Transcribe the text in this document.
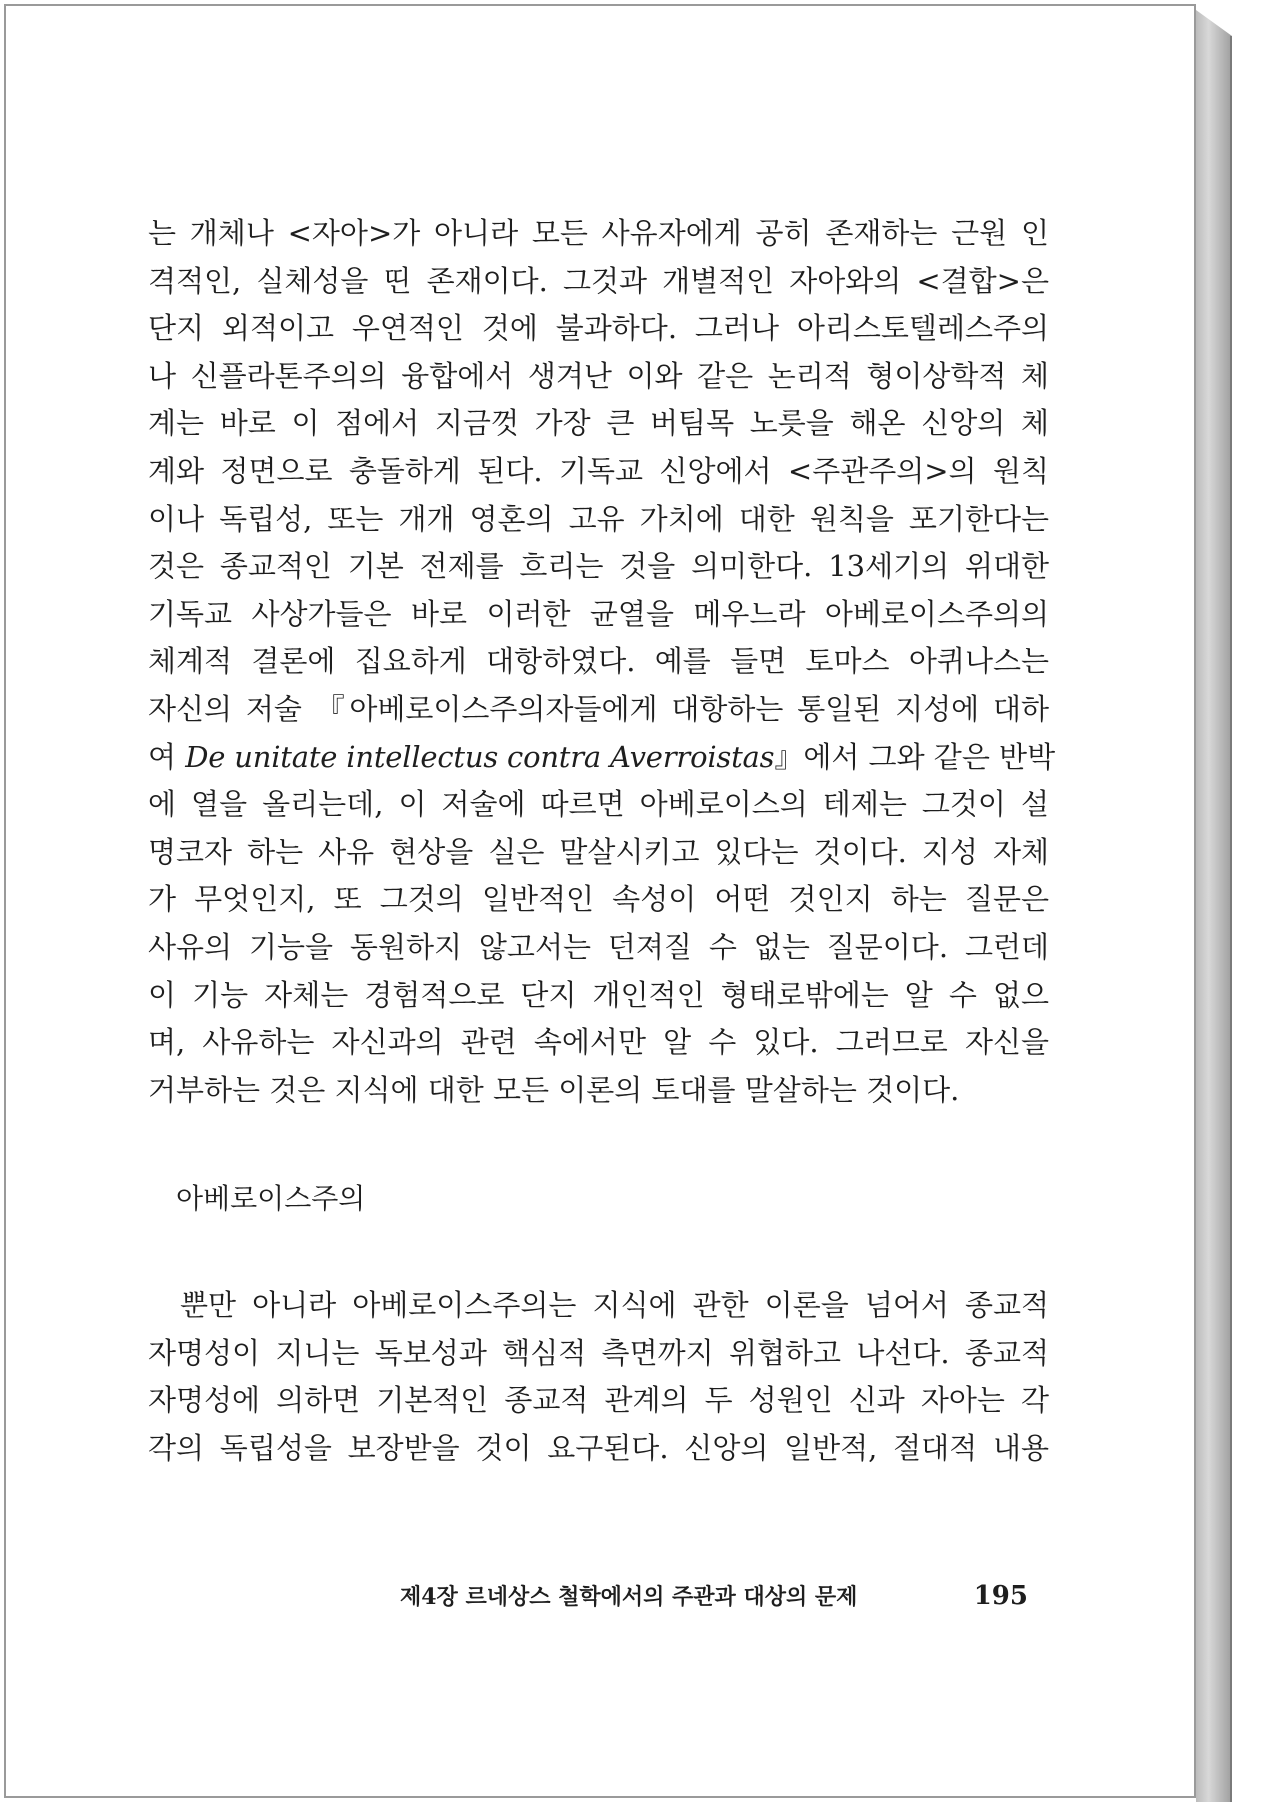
는 개체나 <자아>가 아니라 모든 사유자에게 공히 존재하는 근원 인

격적인, 실체성을 띤 존재이다. 그것과 개별적인 자아와의 <결합>은

단지 외적이고 우연적인 것에 불과하다. 그러나 아리스토텔레스주의

나 신플라톤주의의 융합에서 생겨난 이와 같은 논리적 형이상학적 체

계는 바로 이 점에서 지금껏 가장 큰 버팀목 노릇을 해온 신앙의 체

계와 정면으로 충돌하게 된다. 기독교 신앙에서 <주관주의>의 원칙

이나 독립성, 또는 개개 영혼의 고유 가치에 대한 원칙을 포기한다는

것은 종교적인 기본 전제를 흐리는 것을 의미한다. 13세기의 위대한

기독교 사상가들은 바로 이러한 균열을 메우느라 아베로이스주의의

체계적 결론에 집요하게 대항하였다. 예를 들면 토마스 아퀴나스는

자신의 저술 『아베로이스주의자들에게 대항하는 통일된 지성에 대하

여 De unitate intellectus contra Averroistas』에서 그와 같은 반박

에 열을 올리는데, 이 저술에 따르면 아베로이스의 테제는 그것이 설

명코자 하는 사유 현상을 실은 말살시키고 있다는 것이다. 지성 자체

가 무엇인지, 또 그것의 일반적인 속성이 어떤 것인지 하는 질문은

사유의 기능을 동원하지 않고서는 던져질 수 없는 질문이다. 그런데

이 기능 자체는 경험적으로 단지 개인적인 형태로밖에는 알 수 없으

며, 사유하는 자신과의 관련 속에서만 알 수 있다. 그러므로 자신을

거부하는 것은 지식에 대한 모든 이론의 토대를 말살하는 것이다.

아베로이스주의

뿐만 아니라 아베로이스주의는 지식에 관한 이론을 넘어서 종교적

자명성이 지니는 독보성과 핵심적 측면까지 위협하고 나선다. 종교적

자명성에 의하면 기본적인 종교적 관계의 두 성원인 신과 자아는 각

각의 독립성을 보장받을 것이 요구된다. 신앙의 일반적, 절대적 내용

제4장 르네상스 철학에서의 주관과 대상의 문제	195
